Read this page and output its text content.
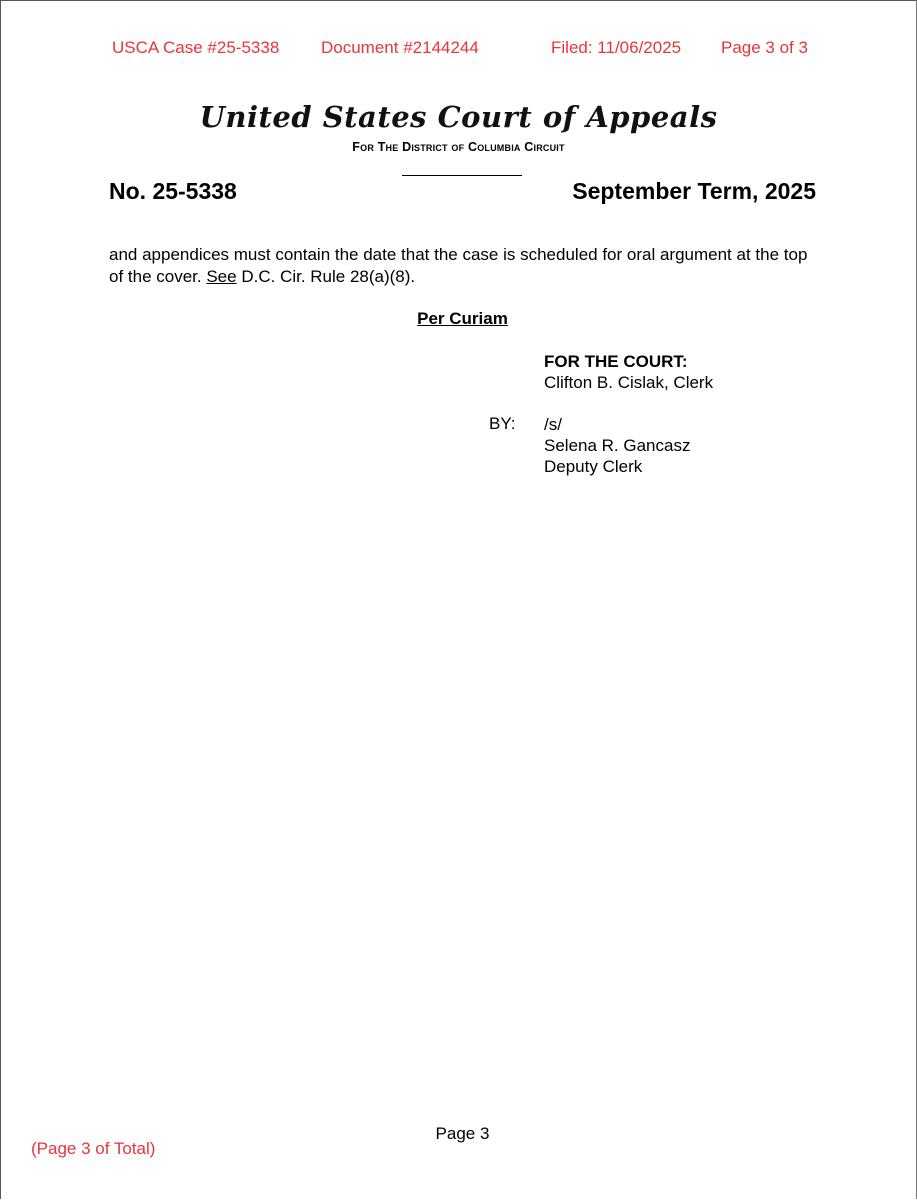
USCA Case #25-5338 Document #2144244	Filed: 11/06/2025 Page 3 of 3
United States Court of Appeals
For The District of Columbia Circuit
No. 25-5338	September Term, 2025
and appendices must contain the date that the case is scheduled for oral argument at the top of the cover. See D.C. Cir. Rule 28(a)(8).
Per Curiam
FOR THE COURT:
Clifton B. Cislak, Clerk
BY: /s/
Selena R. Gancasz
Deputy Clerk
Page 3
(Page 3 of Total)
